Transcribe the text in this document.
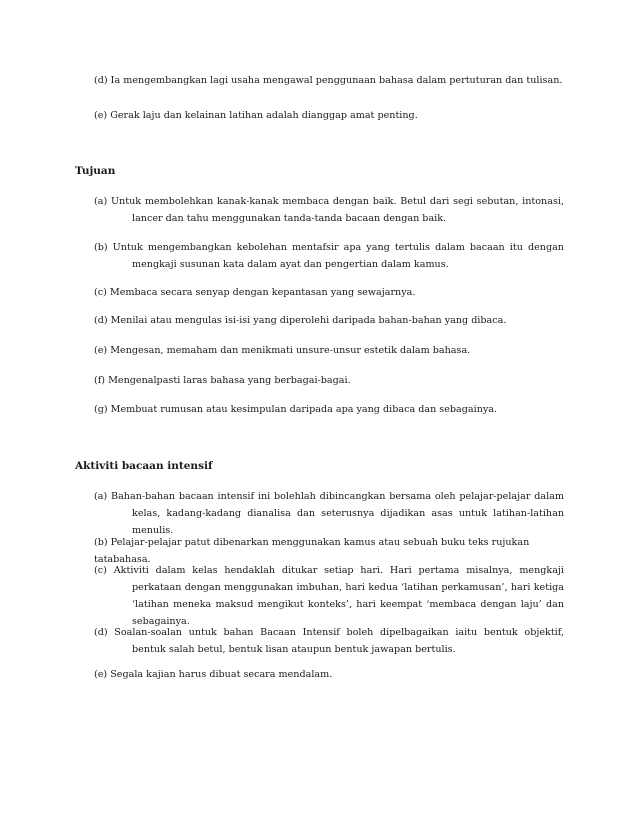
(d) Ia mengembangkan lagi usaha mengawal penggunaan bahasa dalam pertuturan dan tulisan.
(e) Gerak laju dan kelainan latihan adalah dianggap amat penting.
Tujuan
(a) Untuk membolehkan kanak-kanak membaca dengan baik. Betul dari segi sebutan, intonasi, lancer dan tahu menggunakan tanda-tanda bacaan dengan baik.
(b) Untuk mengembangkan kebolehan mentafsir apa yang tertulis dalam bacaan itu dengan mengkaji susunan kata dalam ayat dan pengertian dalam kamus.
(c) Membaca secara senyap dengan kepantasan yang sewajarnya.
(d) Menilai atau mengulas isi-isi yang diperolehi daripada bahan-bahan yang dibaca.
(e) Mengesan, memaham dan menikmati unsure-unsur estetik dalam bahasa.
(f) Mengenalpasti laras bahasa yang berbagai-bagai.
(g) Membuat rumusan atau kesimpulan daripada apa yang dibaca dan sebagainya.
Aktiviti bacaan intensif
(a) Bahan-bahan bacaan intensif ini bolehlah dibincangkan bersama oleh pelajar-pelajar dalam kelas, kadang-kadang dianalisa dan seterusnya dijadikan asas untuk latihan-latihan menulis.
(b) Pelajar-pelajar patut dibenarkan menggunakan kamus atau sebuah buku teks rujukan tatabahasa.
(c) Aktiviti dalam kelas hendaklah ditukar setiap hari. Hari pertama misalnya, mengkaji perkataan dengan menggunakan imbuhan, hari kedua ‘latihan perkamusan’, hari ketiga ‘latihan meneka maksud mengikut konteks’, hari keempat ‘membaca dengan laju’ dan sebagainya.
(d) Soalan-soalan untuk bahan Bacaan Intensif boleh dipelbagaikan iaitu bentuk objektif, bentuk salah betul, bentuk lisan ataupun bentuk jawapan bertulis.
(e) Segala kajian harus dibuat secara mendalam.
